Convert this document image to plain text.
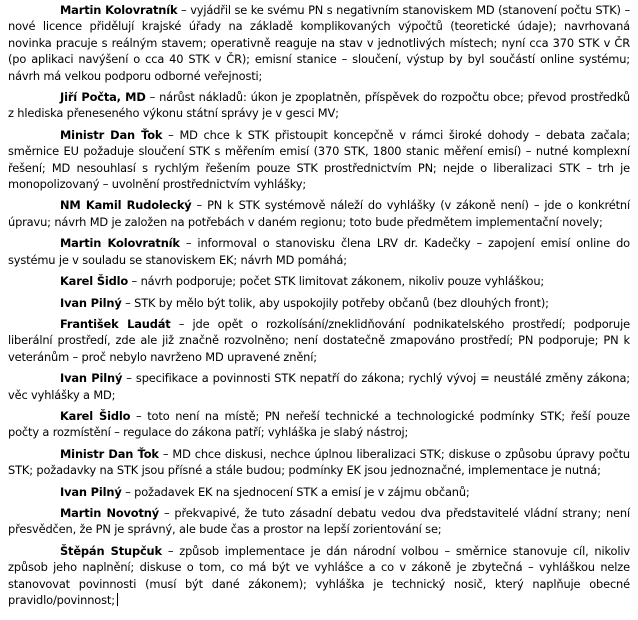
Martin Kolovratník – vyjádřil se ke svému PN s negativním stanoviskem MD (stanovení počtu STK) – nové licence přidělují krajské úřady na základě komplikovaných výpočtů (teoretické údaje); navrhovaná novinka pracuje s reálným stavem; operativně reaguje na stav v jednotlivých místech; nyní cca 370 STK v ČR (po aplikaci navýšení o cca 40 STK v ČR); emisní stanice – sloučení, výstup by byl součástí online systému; návrh má velkou podporu odborné veřejnosti;

Jiří Počta, MD – nárůst nákladů: úkon je zpoplatněn, příspěvek do rozpočtu obce; převod prostředků z hlediska přeneseného výkonu státní správy je v gesci MV;

Ministr Dan Ťok – MD chce k STK přistoupit koncepčně v rámci široké dohody – debata začala; směrnice EU požaduje sloučení STK s měřením emisí (370 STK, 1800 stanic měření emisí) – nutné komplexní řešení; MD nesouhlasí s rychlým řešením pouze STK prostřednictvím PN; nejde o liberalizaci STK – trh je monopolizovaný – uvolnění prostřednictvím vyhlášky;

NM Kamil Rudolecký – PN k STK systémově náleží do vyhlášky (v zákoně není) – jde o konkrétní úpravu; návrh MD je založen na potřebách v daném regionu; toto bude předmětem implementační novely;

Martin Kolovratník – informoval o stanovisku člena LRV dr. Kadečky – zapojení emisí online do systému je v souladu se stanoviskem EK; návrh MD pomáhá;

Karel Šidlo – návrh podporuje; počet STK limitovat zákonem, nikoliv pouze vyhláškou;

Ivan Pilný – STK by mělo být tolik, aby uspokojily potřeby občanů (bez dlouhých front);

František Laudát – jde opět o rozkolísání/zneklidňování podnikatelského prostředí; podporuje liberální prostředí, zde ale již značně rozvolněno; není dostatečně zmapováno prostředí; PN podporuje; PN k veteránům – proč nebylo navrženo MD upravené znění;

Ivan Pilný – specifikace a povinnosti STK nepatří do zákona; rychlý vývoj = neustálé změny zákona; věc vyhlášky a MD;

Karel Šidlo – toto není na místě; PN neřeší technické a technologické podmínky STK; řeší pouze počty a rozmístění – regulace do zákona patří; vyhláška je slabý nástroj;

Ministr Dan Ťok – MD chce diskusi, nechce úplnou liberalizaci STK; diskuse o způsobu úpravy počtu STK; požadavky na STK jsou přísné a stále budou; podmínky EK jsou jednoznačné, implementace je nutná;

Ivan Pilný – požadavek EK na sjednocení STK a emisí je v zájmu občanů;

Martin Novotný – překvapivé, že tuto zásadní debatu vedou dva představitelé vládní strany; není přesvědčen, že PN je správný, ale bude čas a prostor na lepší zorientování se;

Štěpán Stupčuk – způsob implementace je dán národní volbou – směrnice stanovuje cíl, nikoliv způsob jeho naplnění; diskuse o tom, co má být ve vyhlášce a co v zákoně je zbytečná – vyhláškou nelze stanovovat povinnosti (musí být dané zákonem); vyhláška je technický nosič, který naplňuje obecné pravidlo/povinnost;
